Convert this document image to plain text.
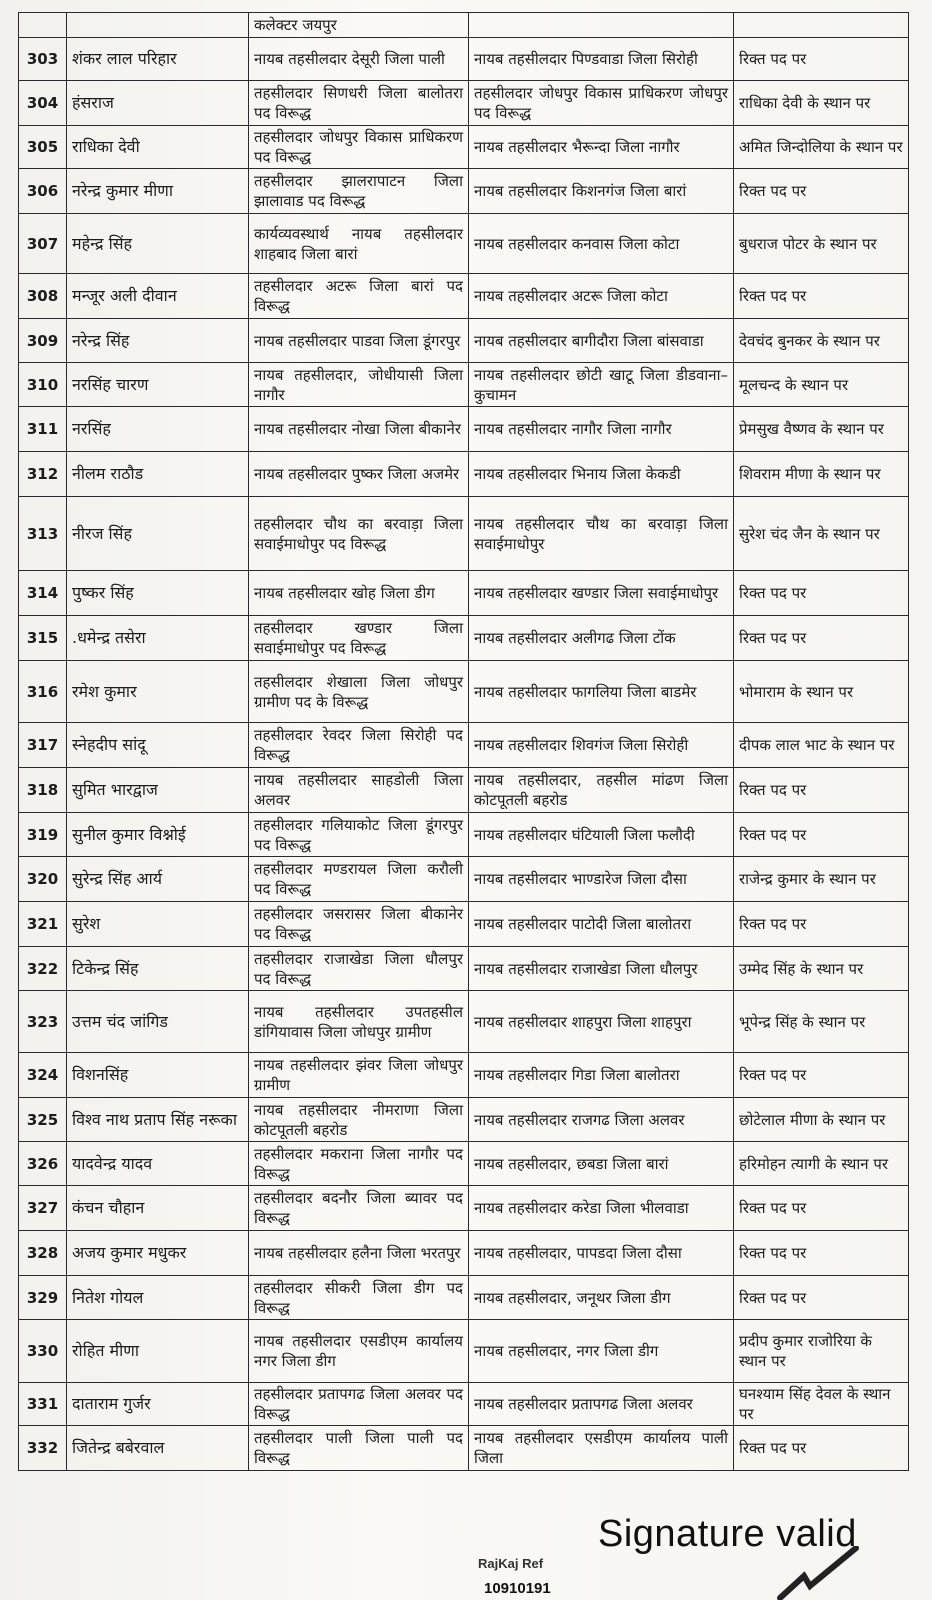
		कलेक्टर जयपुर		
303	शंकर लाल परिहार	नायब तहसीलदार देसूरी जिला पाली	नायब तहसीलदार पिण्डवाडा जिला सिरोही	रिक्त पद पर
304	हंसराज	तहसीलदार सिणधरी जिला बालोतरा पद विरूद्ध	तहसीलदार जोधपुर विकास प्राधिकरण जोधपुर पद विरूद्ध	राधिका देवी के स्थान पर
305	राधिका देवी	तहसीलदार जोधपुर विकास प्राधिकरण पद विरूद्ध	नायब तहसीलदार भैरून्दा जिला नागौर	अमित जिन्दोलिया के स्थान पर
306	नरेन्द्र कुमार मीणा	तहसीलदार झालरापाटन जिला झालावाड पद विरूद्ध	नायब तहसीलदार किशनगंज जिला बारां	रिक्त पद पर
307	महेन्द्र सिंह	कार्यव्यवस्थार्थ नायब तहसीलदार शाहबाद जिला बारां	नायब तहसीलदार कनवास जिला कोटा	बुधराज पोटर के स्थान पर
308	मन्जूर अली दीवान	तहसीलदार अटरू जिला बारां पद विरूद्ध	नायब तहसीलदार अटरू जिला कोटा	रिक्त पद पर
309	नरेन्द्र सिंह	नायब तहसीलदार पाडवा जिला डूंगरपुर	नायब तहसीलदार बागीदौरा जिला बांसवाडा	देवचंद बुनकर के स्थान पर
310	नरसिंह चारण	नायब तहसीलदार, जोधीयासी जिला नागौर	नायब तहसीलदार छोटी खाटू जिला डीडवाना–कुचामन	मूलचन्द के स्थान पर
311	नरसिंह	नायब तहसीलदार नोखा जिला बीकानेर	नायब तहसीलदार नागौर जिला नागौर	प्रेमसुख वैष्णव के स्थान पर
312	नीलम राठौड	नायब तहसीलदार पुष्कर जिला अजमेर	नायब तहसीलदार भिनाय जिला केकडी	शिवराम मीणा के स्थान पर
313	नीरज सिंह	तहसीलदार चौथ का बरवाड़ा जिला सवाईमाधोपुर पद विरूद्ध	नायब तहसीलदार चौथ का बरवाड़ा जिला सवाईमाधोपुर	सुरेश चंद जैन के स्थान पर
314	पुष्कर सिंह	नायब तहसीलदार खोह जिला डीग	नायब तहसीलदार खण्डार जिला सवाईमाधोपुर	रिक्त पद पर
315	.धमेन्द्र तसेरा	तहसीलदार खण्डार जिला सवाईमाधोपुर पद विरूद्ध	नायब तहसीलदार अलीगढ जिला टोंक	रिक्त पद पर
316	रमेश कुमार	तहसीलदार शेखाला जिला जोधपुर ग्रामीण पद के विरूद्ध	नायब तहसीलदार फागलिया जिला बाडमेर	भोमाराम के स्थान पर
317	स्नेहदीप सांदू	तहसीलदार रेवदर जिला सिरोही पद विरूद्ध	नायब तहसीलदार शिवगंज जिला सिरोही	दीपक लाल भाट के स्थान पर
318	सुमित भारद्वाज	नायब तहसीलदार साहडोली जिला अलवर	नायब तहसीलदार, तहसील मांढण जिला कोटपूतली बहरोड	रिक्त पद पर
319	सुनील कुमार विश्नोई	तहसीलदार गलियाकोट जिला डूंगरपुर पद विरूद्ध	नायब तहसीलदार घंटियाली जिला फलौदी	रिक्त पद पर
320	सुरेन्द्र सिंह आर्य	तहसीलदार मण्डरायल जिला करौली पद विरूद्ध	नायब तहसीलदार भाण्डारेज जिला दौसा	राजेन्द्र कुमार के स्थान पर
321	सुरेश	तहसीलदार जसरासर जिला बीकानेर पद विरूद्ध	नायब तहसीलदार पाटोदी जिला बालोतरा	रिक्त पद पर
322	टिकेन्द्र सिंह	तहसीलदार राजाखेडा जिला धौलपुर पद विरूद्ध	नायब तहसीलदार राजाखेडा जिला धौलपुर	उम्मेद सिंह के स्थान पर
323	उत्तम चंद जांगिड	नायब तहसीलदार उपतहसील डांगियावास जिला जोधपुर ग्रामीण	नायब तहसीलदार शाहपुरा जिला शाहपुरा	भूपेन्द्र सिंह के स्थान पर
324	विशनसिंह	नायब तहसीलदार झंवर जिला जोधपुर ग्रामीण	नायब तहसीलदार गिडा जिला बालोतरा	रिक्त पद पर
325	विश्व नाथ प्रताप सिंह नरूका	नायब तहसीलदार नीमराणा जिला कोटपूतली बहरोड	नायब तहसीलदार राजगढ जिला अलवर	छोटेलाल मीणा के स्थान पर
326	यादवेन्द्र यादव	तहसीलदार मकराना जिला नागौर पद विरूद्ध	नायब तहसीलदार, छबडा जिला बारां	हरिमोहन त्यागी के स्थान पर
327	कंचन चौहान	तहसीलदार बदनौर जिला ब्यावर पद विरूद्ध	नायब तहसीलदार करेडा जिला भीलवाडा	रिक्त पद पर
328	अजय कुमार मधुकर	नायब तहसीलदार हलैना जिला भरतपुर	नायब तहसीलदार, पापडदा जिला दौसा	रिक्त पद पर
329	नितेश गोयल	तहसीलदार सीकरी जिला डीग पद विरूद्ध	नायब तहसीलदार, जनूथर जिला डीग	रिक्त पद पर
330	रोहित मीणा	नायब तहसीलदार एसडीएम कार्यालय नगर जिला डीग	नायब तहसीलदार, नगर जिला डीग	प्रदीप कुमार राजोरिया के स्थान पर
331	दाताराम गुर्जर	तहसीलदार प्रतापगढ जिला अलवर पद विरूद्ध	नायब तहसीलदार प्रतापगढ जिला अलवर	घनश्याम सिंह देवल के स्थान पर
332	जितेन्द्र बबेरवाल	तहसीलदार पाली जिला पाली पद विरूद्ध	नायब तहसीलदार एसडीएम कार्यालय पाली जिला	रिक्त पद पर
Signature valid
RajKaj Ref
10910191
